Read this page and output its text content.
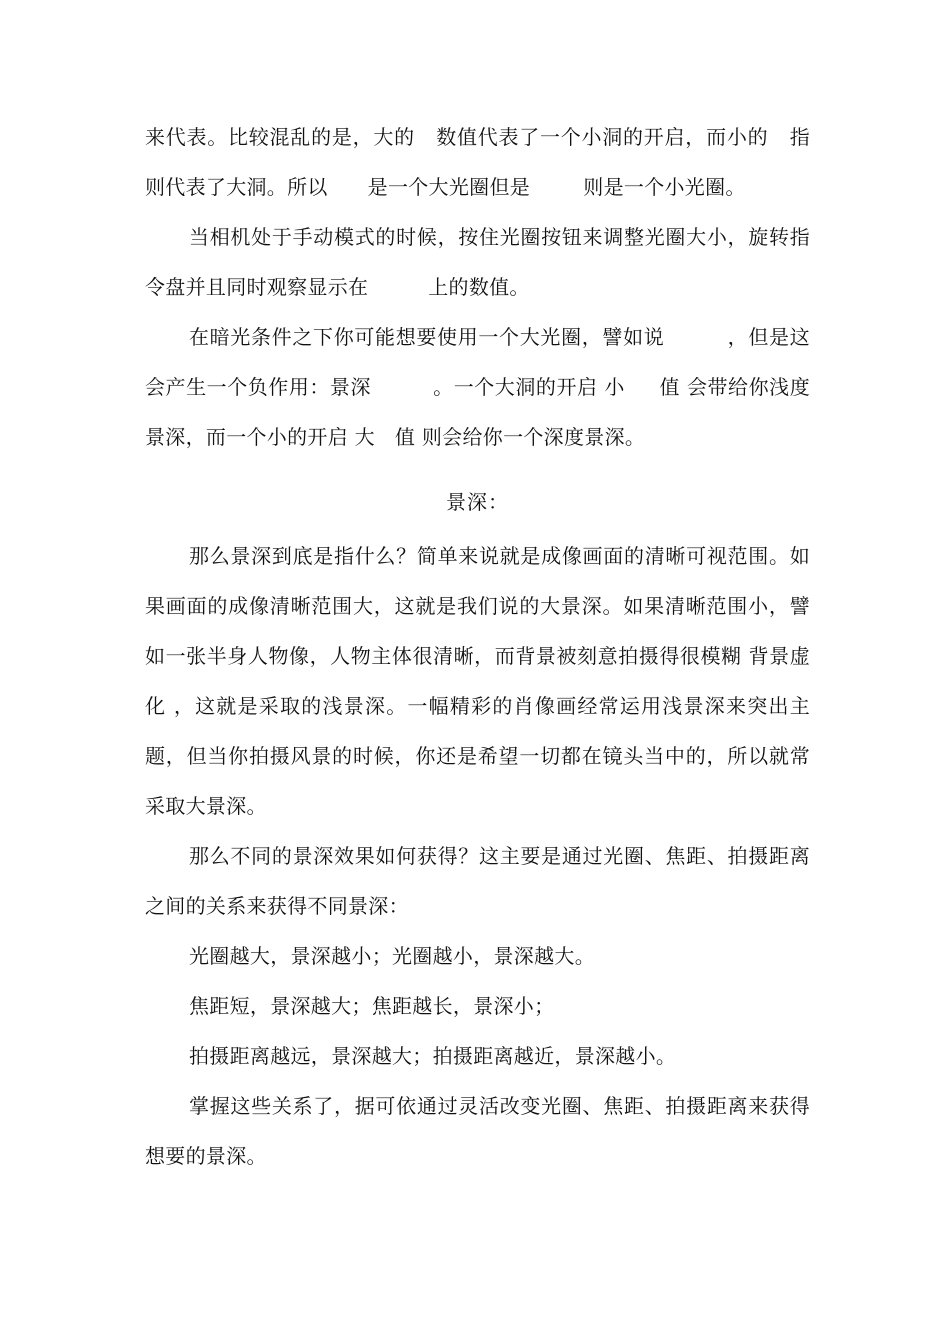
来代表。比较混乱的是，大的   数值代表了一个小洞的开启，而小的   指则代表了大洞。所以      是一个大光圈但是        则是一个小光圈。

当相机处于手动模式的时候，按住光圈按钮来调整光圈大小，旋转指令盘并且同时观察显示在         上的数值。

在暗光条件之下你可能想要使用一个大光圈，譬如说         ，但是这会产生一个负作用：景深         。一个大洞的开启 小     值 会带给你浅度景深，而一个小的开启 大   值 则会给你一个深度景深。

景深：

那么景深到底是指什么？简单来说就是成像画面的清晰可视范围。如果画面的成像清晰范围大，这就是我们说的大景深。如果清晰范围小，譬如一张半身人物像，人物主体很清晰，而背景被刻意拍摄得很模糊 背景虚化 ，这就是采取的浅景深。一幅精彩的肖像画经常运用浅景深来突出主题，但当你拍摄风景的时候，你还是希望一切都在镜头当中的，所以就常采取大景深。

那么不同的景深效果如何获得？这主要是通过光圈、焦距、拍摄距离之间的关系来获得不同景深：

光圈越大，景深越小；光圈越小，景深越大。

焦距短，景深越大；焦距越长，景深小；

拍摄距离越远，景深越大；拍摄距离越近，景深越小。

掌握这些关系了，据可依通过灵活改变光圈、焦距、拍摄距离来获得想要的景深。
